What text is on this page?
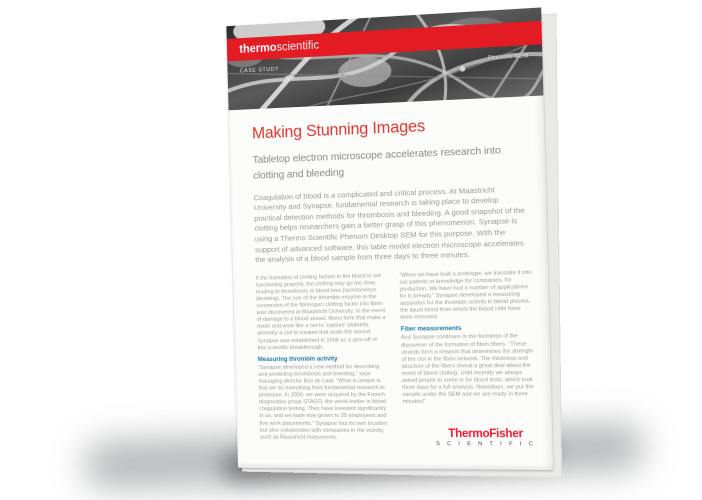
thermoscientific
CASE STUDY
Phenom SEM
Making Stunning Images
Tabletop electron microscope accelerates research into clotting and bleeding

Coagulation of blood is a complicated and critical process. At Maastricht University and Synapse, fundamental research is taking place to develop practical detection methods for thrombosis and bleeding. A good snapshot of the clotting helps researchers gain a better grasp of this phenomenon. Synapse is using a Thermo Scientific Phenom Desktop SEM for this purpose. With the support of advanced software, this table model electron microscope accelerates the analysis of a blood sample from three days to three minutes.

If the formation of clotting factors in the blood is not functioning properly, the clotting may go too slow, leading to thrombosis or blood loss (spontaneous bleeding). The role of the thrombin enzyme in the conversion of the fibrinogen clotting factor into fibrin was discovered at Maastricht University. In the event of damage to a blood vessel, fibers form that make a mesh and work like a net to ‘capture’ platelets, whereby a clot is created that seals the wound. Synapse was established in 1998 as a spin-off of this scientific breakthrough.

Measuring thrombin activity

“Synapse developed a new method for describing and predicting thrombosis and bleeding,” says managing director Bas de Laat. “What is unique is that we do everything from fundamental research to prototype. In 2000, we were acquired by the French diagnostics group STAGO, the world leader in blood coagulation testing. They have invested significantly in us, and we have now grown to 35 employees and five work placements.” Synapse has its own location but also collaborates with companies in the vicinity, such as Maastricht Instruments.

“When we have built a prototype, we translate it into our patents or knowledge for companies, for production. We have had a number of applications for it already.” Synapse developed a measuring apparatus for the thrombin activity in blood plasma, the liquid blood from which the blood cells have been removed.

Fiber measurements

And Synapse continues in the footsteps of the discoverer of the formation of fibrin fibers. “These strands form a network that determines the strength of the clot in the fibrin network. The thickness and structure of the fibers reveal a great deal about the event of blood clotting. Until recently we always asked people to come in for blood tests, which took three days for a full analysis. Nowadays, we put the sample under the SEM and we are ready in three minutes!”

ThermoFisher
S C I E N T I F I C
